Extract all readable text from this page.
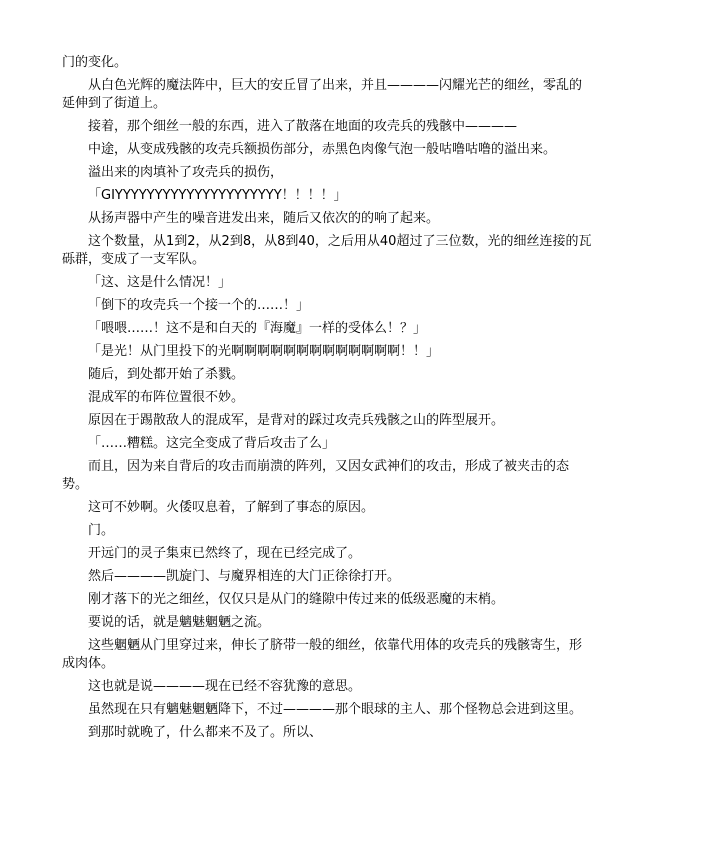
门的变化。

从白色光辉的魔法阵中，巨大的安丘冒了出来，并且————闪耀光芒的细丝，零乱的延伸到了街道上。

接着，那个细丝一般的东西，进入了散落在地面的攻壳兵的残骸中————

中途，从变成残骸的攻壳兵额损伤部分，赤黑色肉像气泡一般咕噜咕噜的溢出来。

溢出来的肉填补了攻壳兵的损伤，

「GIYYYYYYYYYYYYYYYYYYYYY！！！！」

从扬声器中产生的噪音进发出来，随后又依次的的响了起来。

这个数量，从1到2，从2到8，从8到40，之后用从40超过了三位数，光的细丝连接的瓦砾群，变成了一支军队。

「这、这是什么情况！」

「倒下的攻壳兵一个接一个的……！」

「喂喂……！这不是和白天的『海魔』一样的受体么！？」

「是光！从门里投下的光啊啊啊啊啊啊啊啊啊啊啊啊啊！！」

随后，到处都开始了杀戮。

混成军的布阵位置很不妙。

原因在于踢散敌人的混成军，是背对的踩过攻壳兵残骸之山的阵型展开。

「……糟糕。这完全变成了背后攻击了么」

而且，因为来自背后的攻击而崩溃的阵列，又因女武神们的攻击，形成了被夹击的态势。

这可不妙啊。火倭叹息着，了解到了事态的原因。

门。

开远门的灵子集束已然终了，现在已经完成了。

然后————凯旋门、与魔界相连的大门正徐徐打开。

刚才落下的光之细丝，仅仅只是从门的缝隙中传过来的低级恶魔的末梢。

要说的话，就是魑魅魍魉之流。

这些魍魉从门里穿过来，伸长了脐带一般的细丝，依靠代用体的攻壳兵的残骸寄生，形成肉体。

这也就是说————现在已经不容犹豫的意思。

虽然现在只有魑魅魍魉降下，不过————那个眼球的主人、那个怪物总会进到这里。

到那时就晚了，什么都来不及了。所以、
